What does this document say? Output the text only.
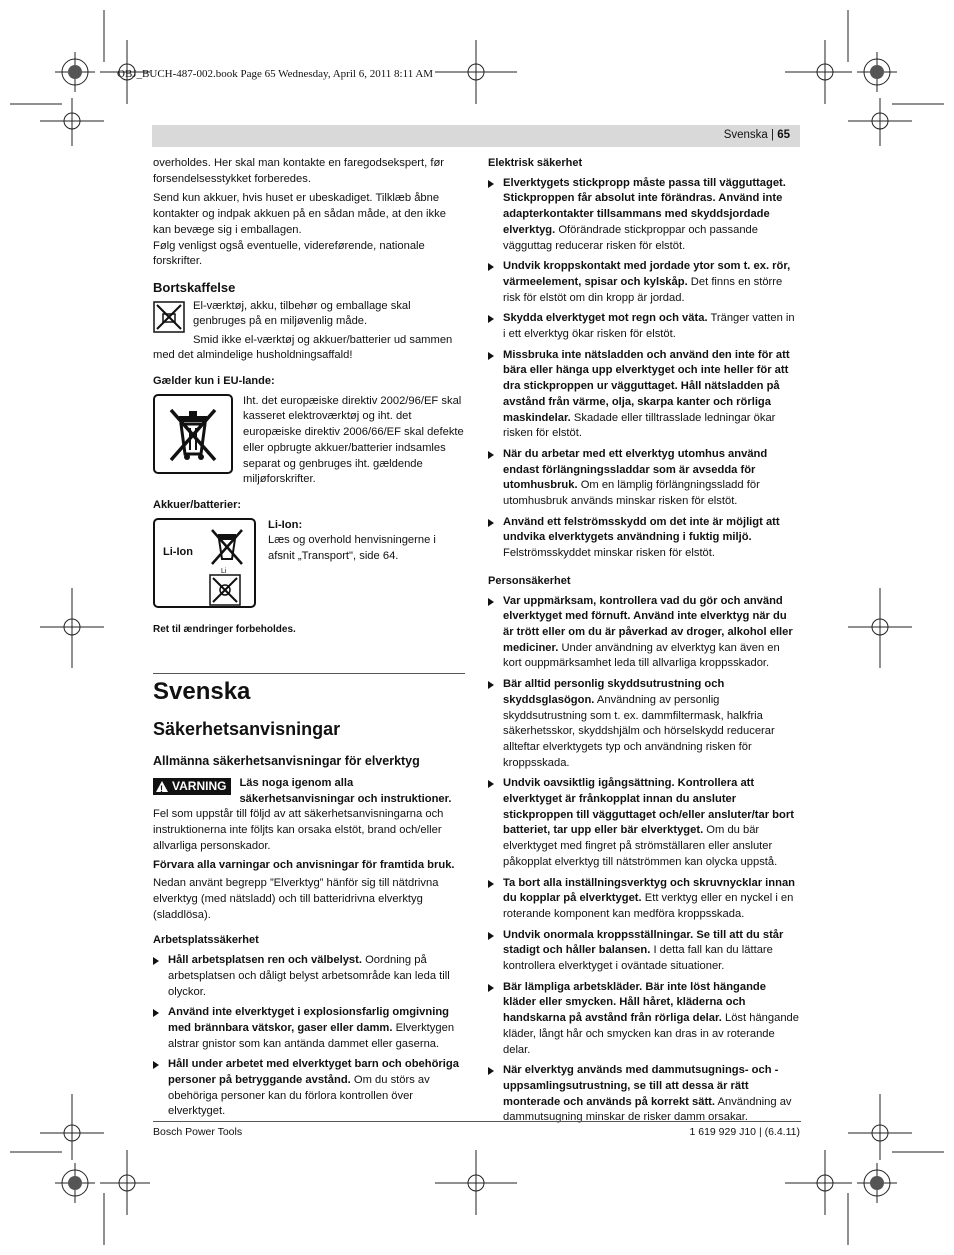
OBJ_BUCH-487-002.book Page 65 Wednesday, April 6, 2011 8:11 AM
Svenska | 65

overholdes. Her skal man kontakte en faregodsekspert, før forsendelsesstykket forberedes.

Send kun akkuer, hvis huset er ubeskadiget. Tilklæb åbne kontakter og indpak akkuen på en sådan måde, at den ikke kan bevæge sig i emballagen.

Følg venligst også eventuelle, videreførende, nationale forskrifter.

Bortskaffelse

El-værktøj, akku, tilbehør og emballage skal genbruges på en miljøvenlig måde.

Smid ikke el-værktøj og akkuer/batterier ud sammen med det almindelige husholdningsaffald!

Gælder kun i EU-lande:

Iht. det europæiske direktiv 2002/96/EF skal kasseret elektroværktøj og iht. det europæiske direktiv 2006/66/EF skal defekte eller opbrugte akkuer/batterier indsamles separat og genbruges iht. gældende miljøforskrifter.

Akkuer/batterier:
Li-Ion
Li

Li-Ion:

Læs og overhold henvisningerne i afsnit „Transport", side 64.

Ret til ændringer forbeholdes.

Svenska
Säkerhetsanvisningar
Allmänna säkerhetsanvisningar för elverktyg
!
VARNING	Läs noga igenom alla säkerhetsanvisningar och instruktioner. Fel som uppstår till följd av att säkerhetsanvisningarna och instruktionerna inte följts kan orsaka elstöt, brand och/eller allvarliga personskador.

Förvara alla varningar och anvisningar för framtida bruk.

Nedan använt begrepp ”Elverktyg” hänför sig till nätdrivna elverktyg (med nätsladd) och till batteridrivna elverktyg (sladdlösa).

Arbetsplatssäkerhet
Håll arbetsplatsen ren och välbelyst. Oordning på arbetsplatsen och dåligt belyst arbetsområde kan leda till olyckor.
Använd inte elverktyget i explosionsfarlig omgivning med brännbara vätskor, gaser eller damm. Elverktygen alstrar gnistor som kan antända dammet eller gaserna.
Håll under arbetet med elverktyget barn och obehöriga personer på betryggande avstånd. Om du störs av obehöriga personer kan du förlora kontrollen över elverktyget.
Elektrisk säkerhet
Elverktygets stickpropp måste passa till vägguttaget. Stickproppen får absolut inte förändras. Använd inte adapterkontakter tillsammans med skyddsjordade elverktyg. Oförändrade stickproppar och passande vägguttag reducerar risken för elstöt.
Undvik kroppskontakt med jordade ytor som t. ex. rör, värmeelement, spisar och kylskåp. Det finns en större risk för elstöt om din kropp är jordad.
Skydda elverktyget mot regn och väta. Tränger vatten in i ett elverktyg ökar risken för elstöt.
Missbruka inte nätsladden och använd den inte för att bära eller hänga upp elverktyget och inte heller för att dra stickproppen ur vägguttaget. Håll nätsladden på avstånd från värme, olja, skarpa kanter och rörliga maskindelar. Skadade eller tilltrasslade ledningar ökar risken för elstöt.
När du arbetar med ett elverktyg utomhus använd endast förlängningssladdar som är avsedda för utomhusbruk. Om en lämplig förlängningssladd för utomhusbruk används minskar risken för elstöt.
Använd ett felströmsskydd om det inte är möjligt att undvika elverktygets användning i fuktig miljö. Felströmsskyddet minskar risken för elstöt.
Personsäkerhet
Var uppmärksam, kontrollera vad du gör och använd elverktyget med förnuft. Använd inte elverktyg när du är trött eller om du är påverkad av droger, alkohol eller mediciner. Under användning av elverktyg kan även en kort ouppmärksamhet leda till allvarliga kroppsskador.
Bär alltid personlig skyddsutrustning och skyddsglasögon. Användning av personlig skyddsutrustning som t. ex. dammfiltermask, halkfria säkerhetsskor, skyddshjälm och hörselskydd reducerar allteftar elverktygets typ och användning risken för kroppsskada.
Undvik oavsiktlig igångsättning. Kontrollera att elverktyget är frånkopplat innan du ansluter stickproppen till vägguttaget och/eller ansluter/tar bort batteriet, tar upp eller bär elverktyget. Om du bär elverktyget med fingret på strömställaren eller ansluter påkopplat elverktyg till nätströmmen kan olycka uppstå.
Ta bort alla inställningsverktyg och skruvnycklar innan du kopplar på elverktyget. Ett verktyg eller en nyckel i en roterande komponent kan medföra kroppsskada.
Undvik onormala kroppsställningar. Se till att du står stadigt och håller balansen. I detta fall kan du lättare kontrollera elverktyget i oväntade situationer.
Bär lämpliga arbetskläder. Bär inte löst hängande kläder eller smycken. Håll håret, kläderna och handskarna på avstånd från rörliga delar. Löst hängande kläder, långt hår och smycken kan dras in av roterande delar.
När elverktyg används med dammutsugnings- och -uppsamlingsutrustning, se till att dessa är rätt monterade och används på korrekt sätt. Användning av dammutsugning minskar de risker damm orsakar.
Bosch Power Tools	1 619 929 J10 | (6.4.11)
